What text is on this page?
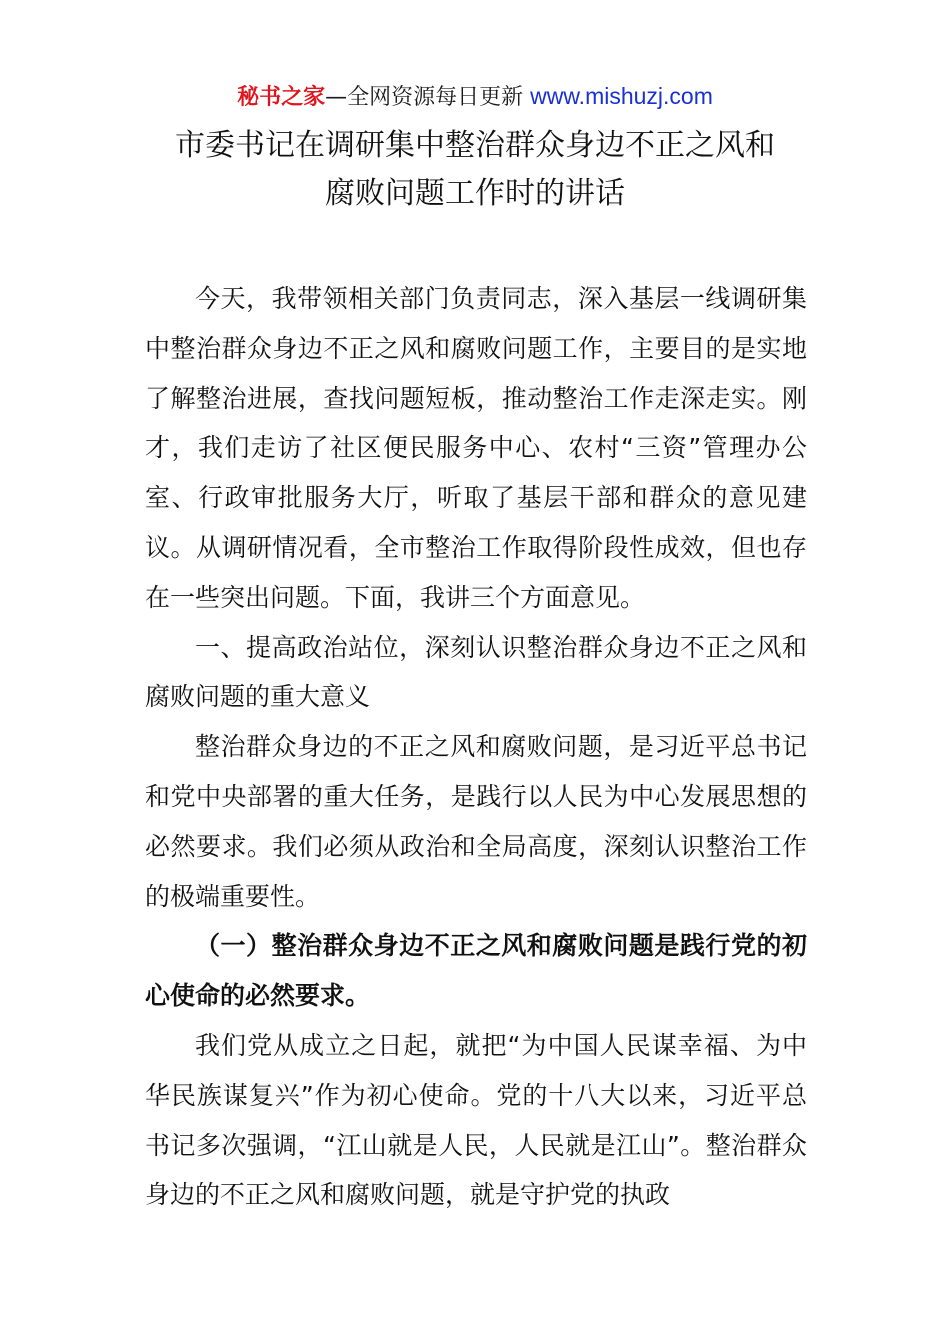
秘书之家—全网资源每日更新 www.mishuzj.com
市委书记在调研集中整治群众身边不正之风和
腐败问题工作时的讲话

今天，我带领相关部门负责同志，深入基层一线调研集中整治群众身边不正之风和腐败问题工作，主要目的是实地了解整治进展，查找问题短板，推动整治工作走深走实。刚才，我们走访了社区便民服务中心、农村“三资”管理办公室、行政审批服务大厅，听取了基层干部和群众的意见建议。从调研情况看，全市整治工作取得阶段性成效，但也存在一些突出问题。下面，我讲三个方面意见。

一、提高政治站位，深刻认识整治群众身边不正之风和腐败问题的重大意义

整治群众身边的不正之风和腐败问题，是习近平总书记和党中央部署的重大任务，是践行以人民为中心发展思想的必然要求。我们必须从政治和全局高度，深刻认识整治工作的极端重要性。

（一）整治群众身边不正之风和腐败问题是践行党的初心使命的必然要求。

我们党从成立之日起，就把“为中国人民谋幸福、为中华民族谋复兴”作为初心使命。党的十八大以来，习近平总书记多次强调，“江山就是人民，人民就是江山”。整治群众身边的不正之风和腐败问题，就是守护党的执政
